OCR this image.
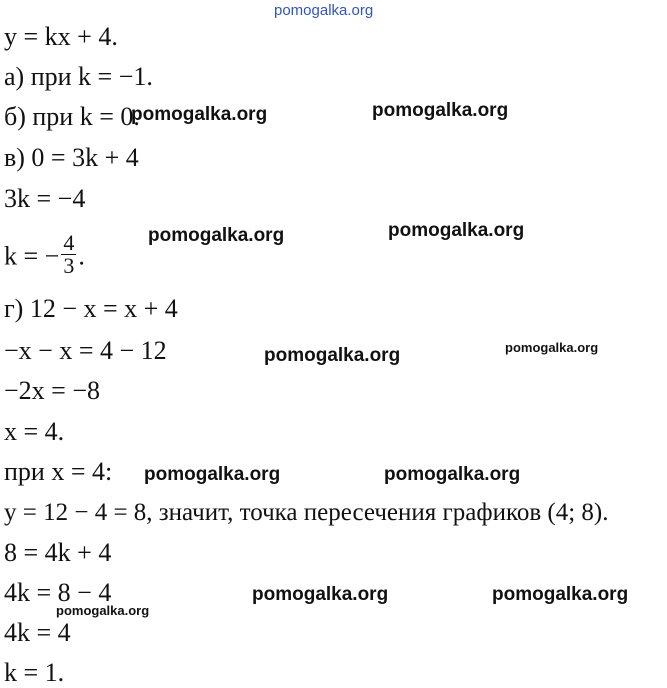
pomogalka.org
y = kx + 4.
а) при k = −1.
б) при k = 0.
в) 0 = 3k + 4
3k = −4
k = − $\frac{4}{3}$ .
г) 12 − x = x + 4
−x − x = 4 − 12
−2x = −8
x = 4.
при x = 4:
y = 12 − 4 = 8, значит, точка пересечения графиков (4; 8).
8 = 4k + 4
4k = 8 − 4
4k = 4
k = 1.
pomogalka.org	pomogalka.org
pomogalka.org	pomogalka.org
pomogalka.org	pomogalka.org
pomogalka.org	pomogalka.org
pomogalka.org	pomogalka.org
pomogalka.org
